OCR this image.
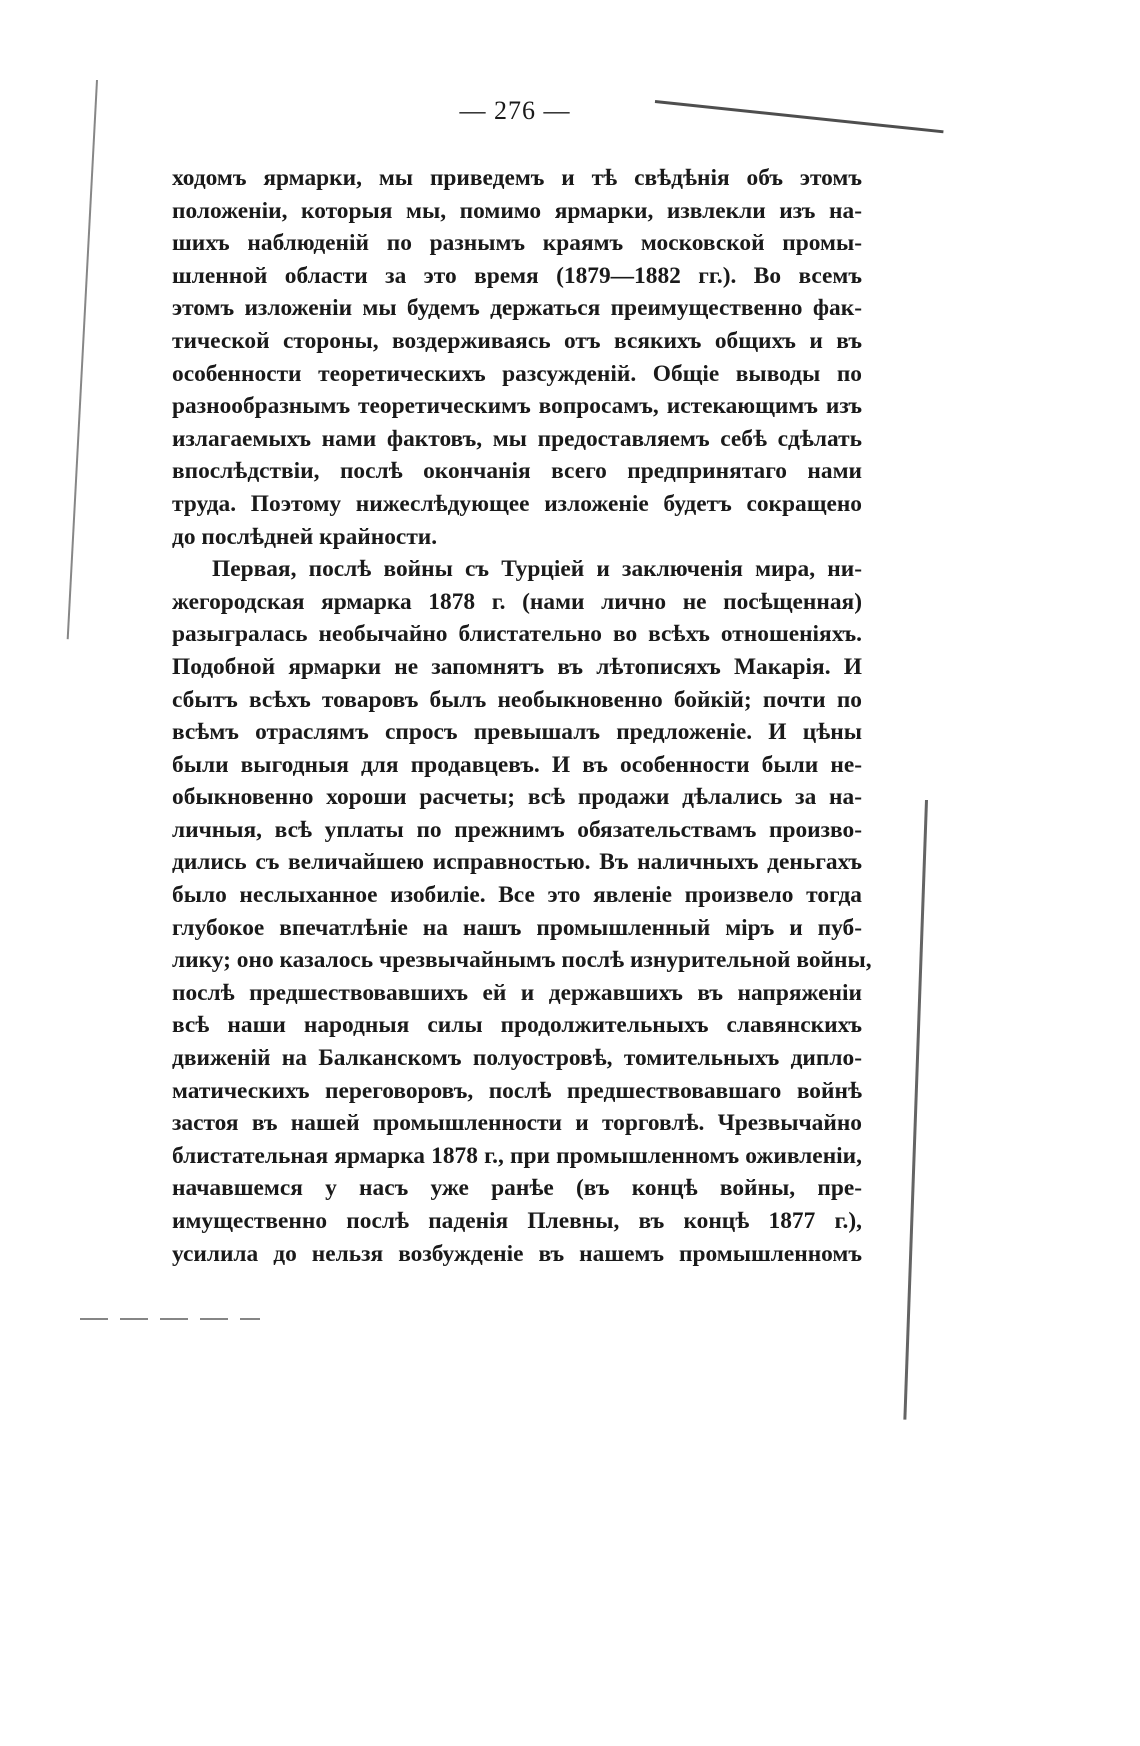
— 276 —

ходомъ ярмарки, мы приведемъ и тѣ свѣдѣнія объ этомъ
положеніи, которыя мы, помимо ярмарки, извлекли изъ на-
шихъ наблюденій по разнымъ краямъ московской промы-
шленной области за это время (1879—1882 гг.). Во всемъ
этомъ изложеніи мы будемъ держаться преимущественно фак-
тической стороны, воздерживаясь отъ всякихъ общихъ и въ
особенности теоретическихъ разсужденій. Общіе выводы по
разнообразнымъ теоретическимъ вопросамъ, истекающимъ изъ
излагаемыхъ нами фактовъ, мы предоставляемъ себѣ сдѣлать
впослѣдствіи, послѣ окончанія всего предпринятаго нами
труда. Поэтому нижеслѣдующее изложеніе будетъ сокращено
до послѣдней крайности.

Первая, послѣ войны съ Турціей и заключенія мира, ни-
жегородская ярмарка 1878 г. (нами лично не посѣщенная)
разыгралась необычайно блистательно во всѣхъ отношеніяхъ.
Подобной ярмарки не запомнятъ въ лѣтописяхъ Макарія. И
сбытъ всѣхъ товаровъ былъ необыкновенно бойкій; почти по
всѣмъ отраслямъ спросъ превышалъ предложеніе. И цѣны
были выгодныя для продавцевъ. И въ особенности были не-
обыкновенно хороши расчеты; всѣ продажи дѣлались за на-
личныя, всѣ уплаты по прежнимъ обязательствамъ произво-
дились съ величайшею исправностью. Въ наличныхъ деньгахъ
было неслыханное изобиліе. Все это явленіе произвело тогда
глубокое впечатлѣніе на нашъ промышленный міръ и пуб-
лику; оно казалось чрезвычайнымъ послѣ изнурительной войны,
послѣ предшествовавшихъ ей и державшихъ въ напряженіи
всѣ наши народныя силы продолжительныхъ славянскихъ
движеній на Балканскомъ полуостровѣ, томительныхъ дипло-
матическихъ переговоровъ, послѣ предшествовавшаго войнѣ
застоя въ нашей промышленности и торговлѣ. Чрезвычайно
блистательная ярмарка 1878 г., при промышленномъ оживленіи,
начавшемся у насъ уже ранѣе (въ концѣ войны, пре-
имущественно послѣ паденія Плевны, въ концѣ 1877 г.),
усилила до нельзя возбужденіе въ нашемъ промышленномъ
